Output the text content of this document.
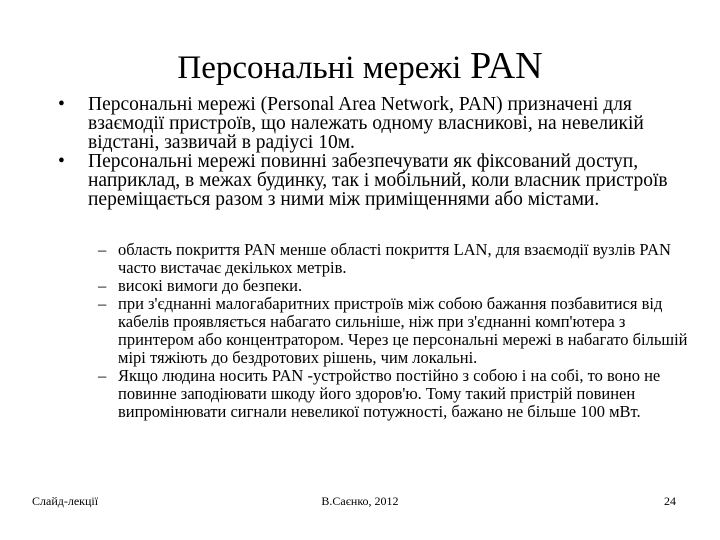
Персональні мережі PAN
•	Персональні мережі (Personal Area Network, PAN) призначені для взаємодії пристроїв, що належать одному власникові, на невеликій відстані, зазвичай в радіусі 10м.
•	Персональні мережі повинні забезпечувати як фіксований доступ, наприклад, в межах будинку, так і мобільний, коли власник пристроїв переміщається разом з ними між приміщеннями або містами.
– область покриття PAN менше області покриття LAN, для взаємодії вузлів PAN часто вистачає декількох метрів.
– високі вимоги до безпеки.
– при з'єднанні малогабаритних пристроїв між собою бажання позбавитися від кабелів проявляється набагато сильніше, ніж при з'єднанні комп'ютера з принтером або концентратором. Через це персональні мережі в набагато більшій мірі тяжіють до бездротових рішень, чим локальні.
– Якщо людина носить PAN -устройство постійно з собою і на собі, то воно не повинне заподіювати шкоду його здоров'ю. Тому такий пристрій повинен випромінювати сигнали невеликої потужності, бажано не більше 100 мВт.
Слайд-лекції	В.Саєнко, 2012	24
